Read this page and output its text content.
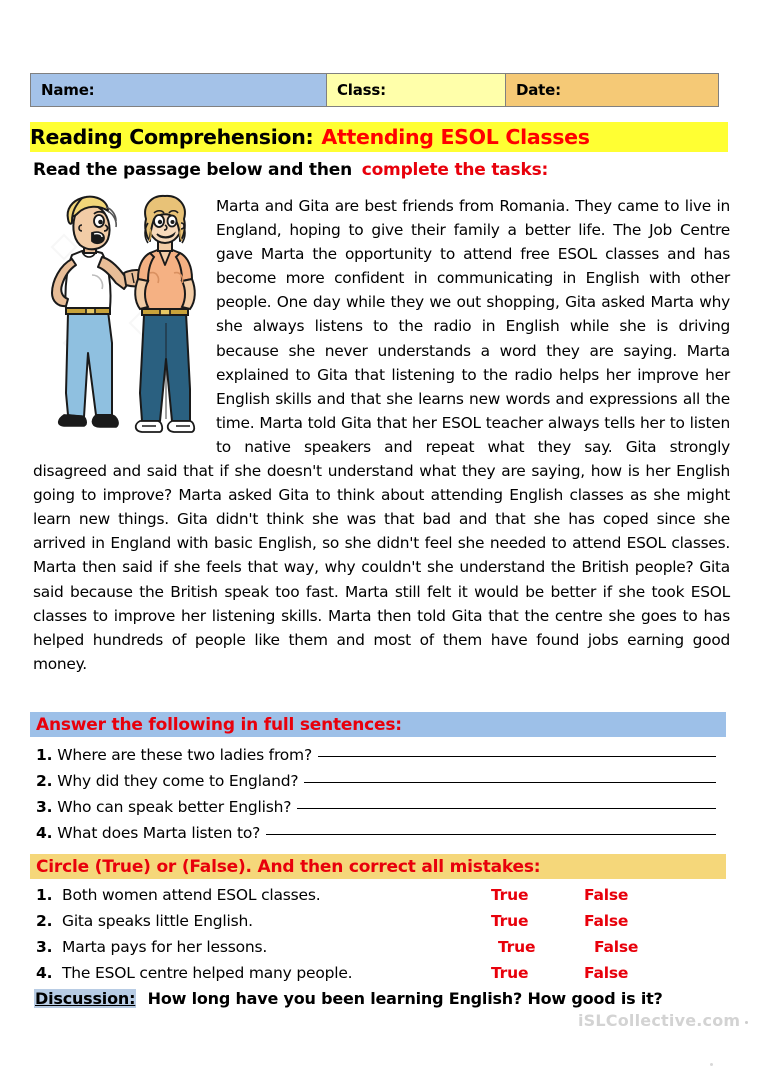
Name:	Class:	Date:
Reading Comprehension: Attending ESOL Classes
Read the passage below and then complete the tasks:
Marta and Gita are best friends from Romania. They came to live in England, hoping to give their family a better life. The Job Centre gave Marta the opportunity to attend free ESOL classes and has become more confident in communicating in English with other people. One day while they we out shopping, Gita asked Marta why she always listens to the radio in English while she is driving because she never understands a word they are saying. Marta explained to Gita that listening to the radio helps her improve her English skills and that she learns new words and expressions all the time. Marta told Gita that her ESOL teacher always tells her to listen to native speakers and repeat what they say. Gita strongly disagreed and said that if she doesn't understand what they are saying, how is her English going to improve? Marta asked Gita to think about attending English classes as she might learn new things. Gita didn't think she was that bad and that she has coped since she arrived in England with basic English, so she didn't feel she needed to attend ESOL classes. Marta then said if she feels that way, why couldn't she understand the British people? Gita said because the British speak too fast. Marta still felt it would be better if she took ESOL classes to improve her listening skills. Marta then told Gita that the centre she goes to has helped hundreds of people like them and most of them have found jobs earning good money.
Answer the following in full sentences:
1. Where are these two ladies from?
2. Why did they come to England?
3. Who can speak better English?
4. What does Marta listen to?
Circle (True) or (False). And then correct all mistakes:
1. Both women attend ESOL classes.	True	False
2. Gita speaks little English.	True	False
3. Marta pays for her lessons.	True	False
4. The ESOL centre helped many people.	True	False
Discussion: How long have you been learning English? How good is it?
iSLCollective.com
